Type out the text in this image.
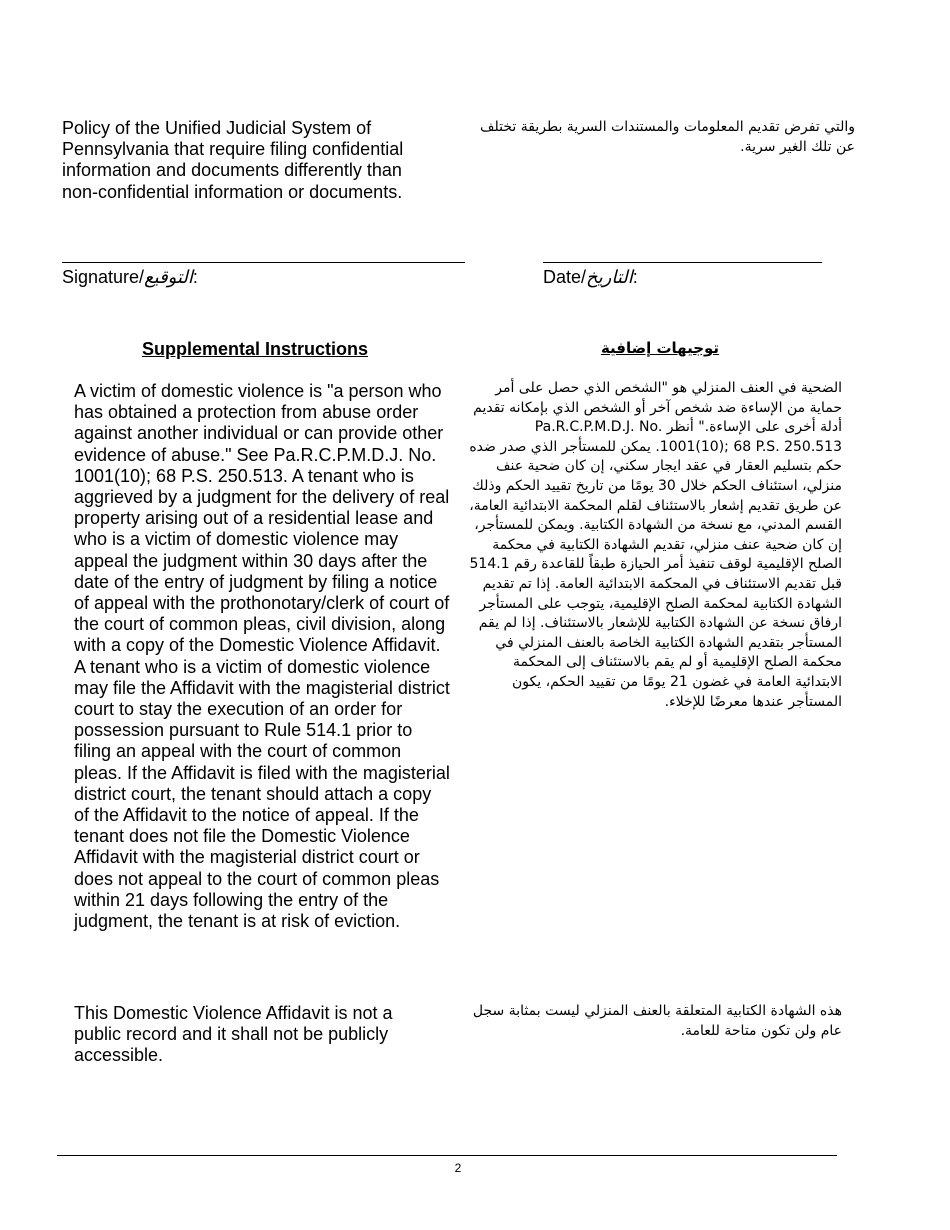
Policy of the Unified Judicial System of Pennsylvania that require filing confidential information and documents differently than non-confidential information or documents.
والتي تفرض تقديم المعلومات والمستندات السرية بطريقة تختلف عن تلك الغير سرية.
Signature/التوقيع:	Date/التاريخ:
Supplemental Instructions	توجيهات إضافية
A victim of domestic violence is "a person who has obtained a protection from abuse order against another individual or can provide other evidence of abuse." See Pa.R.C.P.M.D.J. No. 1001(10); 68 P.S. 250.513. A tenant who is aggrieved by a judgment for the delivery of real property arising out of a residential lease and who is a victim of domestic violence may appeal the judgment within 30 days after the date of the entry of judgment by filing a notice of appeal with the prothonotary/clerk of court of the court of common pleas, civil division, along with a copy of the Domestic Violence Affidavit. A tenant who is a victim of domestic violence may file the Affidavit with the magisterial district court to stay the execution of an order for possession pursuant to Rule 514.1 prior to filing an appeal with the court of common pleas. If the Affidavit is filed with the magisterial district court, the tenant should attach a copy of the Affidavit to the notice of appeal. If the tenant does not file the Domestic Violence Affidavit with the magisterial district court or does not appeal to the court of common pleas within 21 days following the entry of the judgment, the tenant is at risk of eviction.
الضحية في العنف المنزلي هو "الشخص الذي حصل على أمر حماية من الإساءة ضد شخص آخر أو الشخص الذي بإمكانه تقديم أدلة أخرى على الإساءة." أنظر Pa.R.C.P.M.D.J. No. 1001(10); 68 P.S. 250.513. يمكن للمستأجر الذي صدر ضده حكم بتسليم العقار في عقد ايجار سكني، إن كان ضحية عنف منزلي، استئناف الحكم خلال 30 يومًا من تاريخ تقييد الحكم وذلك عن طريق تقديم إشعار بالاستئناف لقلم المحكمة الابتدائية العامة، القسم المدني، مع نسخة من الشهادة الكتابية. ويمكن للمستأجر، إن كان ضحية عنف منزلي، تقديم الشهادة الكتابية في محكمة الصلح الإقليمية لوقف تنفيذ أمر الحيازة طبقاً للقاعدة رقم 514.1 قبل تقديم الاستئناف في المحكمة الابتدائية العامة. إذا تم تقديم الشهادة الكتابية لمحكمة الصلح الإقليمية، يتوجب على المستأجر ارفاق نسخة عن الشهادة الكتابية للإشعار بالاستئناف. إذا لم يقم المستأجر بتقديم الشهادة الكتابية الخاصة بالعنف المنزلي في محكمة الصلح الإقليمية أو لم يقم بالاستئناف إلى المحكمة الابتدائية العامة في غضون 21 يومًا من تقييد الحكم، يكون المستأجر عندها معرضًا للإخلاء.
This Domestic Violence Affidavit is not a public record and it shall not be publicly accessible.
هذه الشهادة الكتابية المتعلقة بالعنف المنزلي ليست بمثابة سجل عام ولن تكون متاحة للعامة.
2
